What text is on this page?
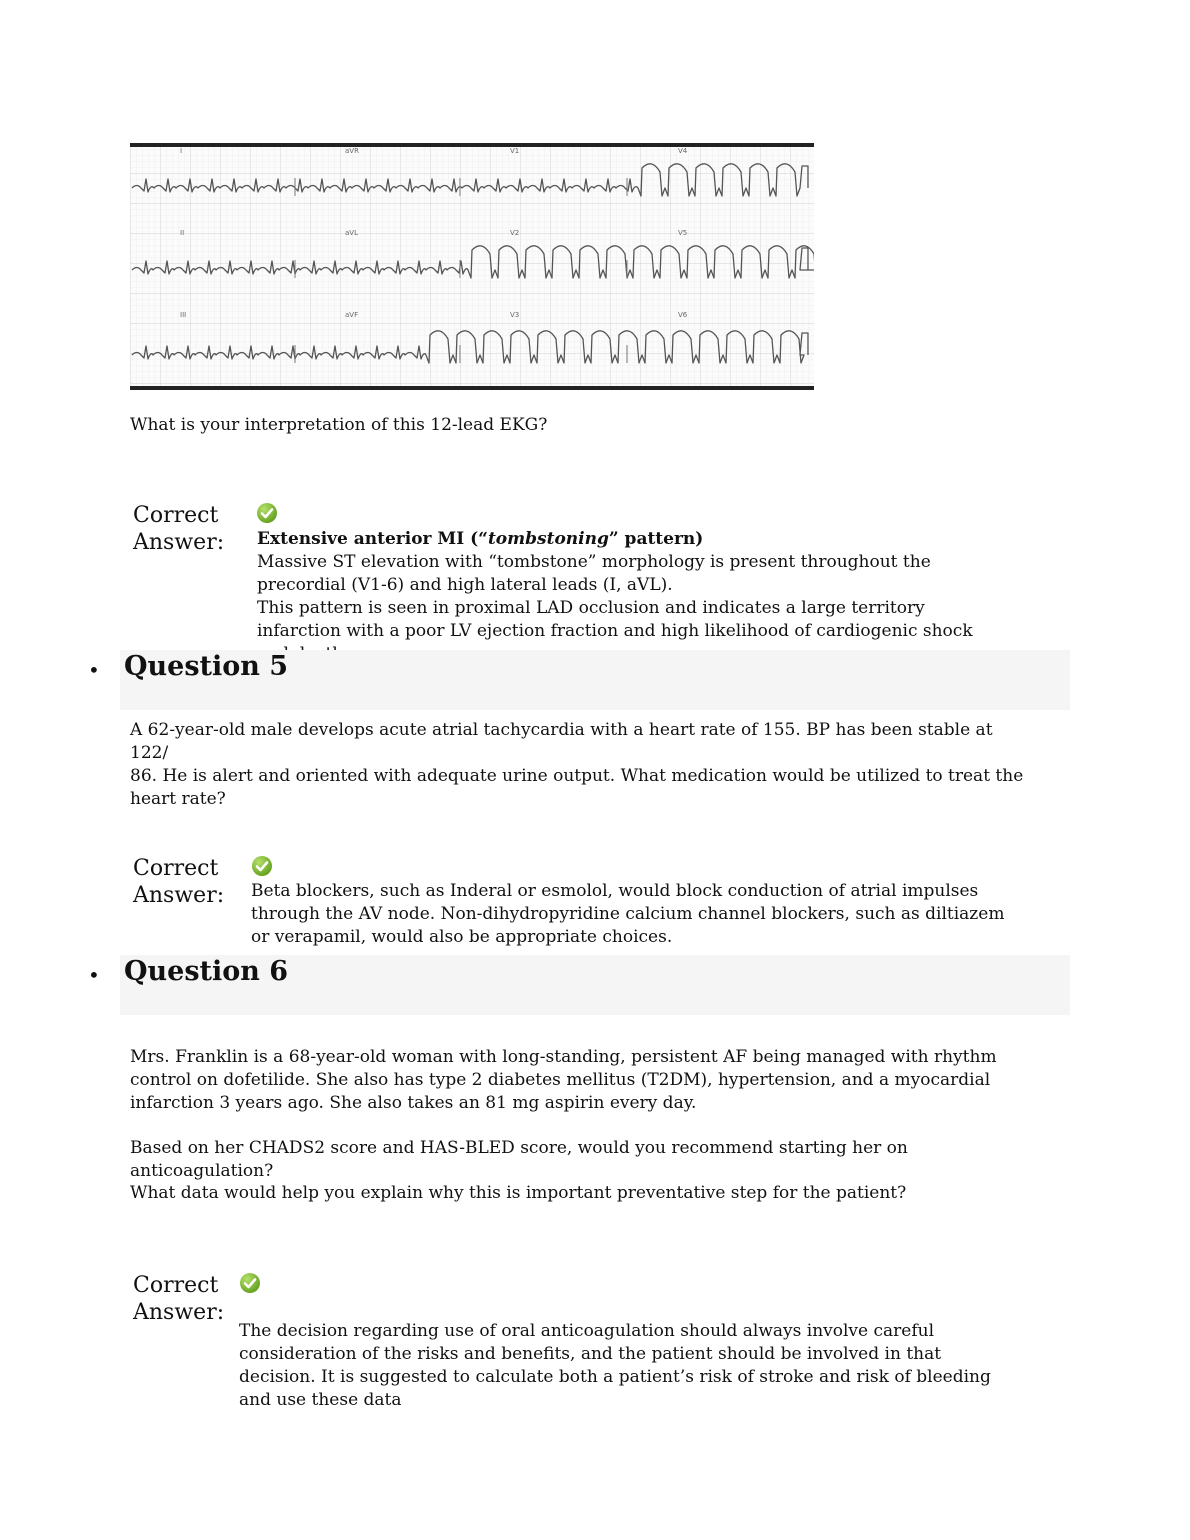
I	aVR	V1	V4
II	aVL	V2	V5
III	aVF	V3	V6
What is your interpretation of this 12-lead EKG?
Correct
Answer: Extensive anterior MI (“tombstoning” pattern)
Massive ST elevation with “tombstone” morphology is present throughout the precordial (V1-6) and high lateral leads (I, aVL).
This pattern is seen in proximal LAD occlusion and indicates a large territory infarction with a poor LV ejection fraction and high likelihood of cardiogenic shock
• Question 5
A 62-year-old male develops acute atrial tachycardia with a heart rate of 155. BP has been stable at 122/
86. He is alert and oriented with adequate urine output. What medication would be utilized to treat the
heart rate?
Correct
Answer: Beta blockers, such as Inderal or esmolol, would block conduction of atrial impulses through the AV node. Non-dihydropyridine calcium channel blockers, such as diltiazem or verapamil, would also be appropriate choices.
• Question 6
Mrs. Franklin is a 68-year-old woman with long-standing, persistent AF being managed with rhythm
control on dofetilide. She also has type 2 diabetes mellitus (T2DM), hypertension, and a myocardial
infarction 3 years ago. She also takes an 81 mg aspirin every day.
Based on her CHADS2 score and HAS-BLED score, would you recommend starting her on anticoagulation?
What data would help you explain why this is important preventative step for the patient?
Correct
Answer:
The decision regarding use of oral anticoagulation should always involve careful consideration of the risks and benefits, and the patient should be involved in that decision. It is suggested to calculate both a patient’s risk of stroke and risk of bleeding and use these data
